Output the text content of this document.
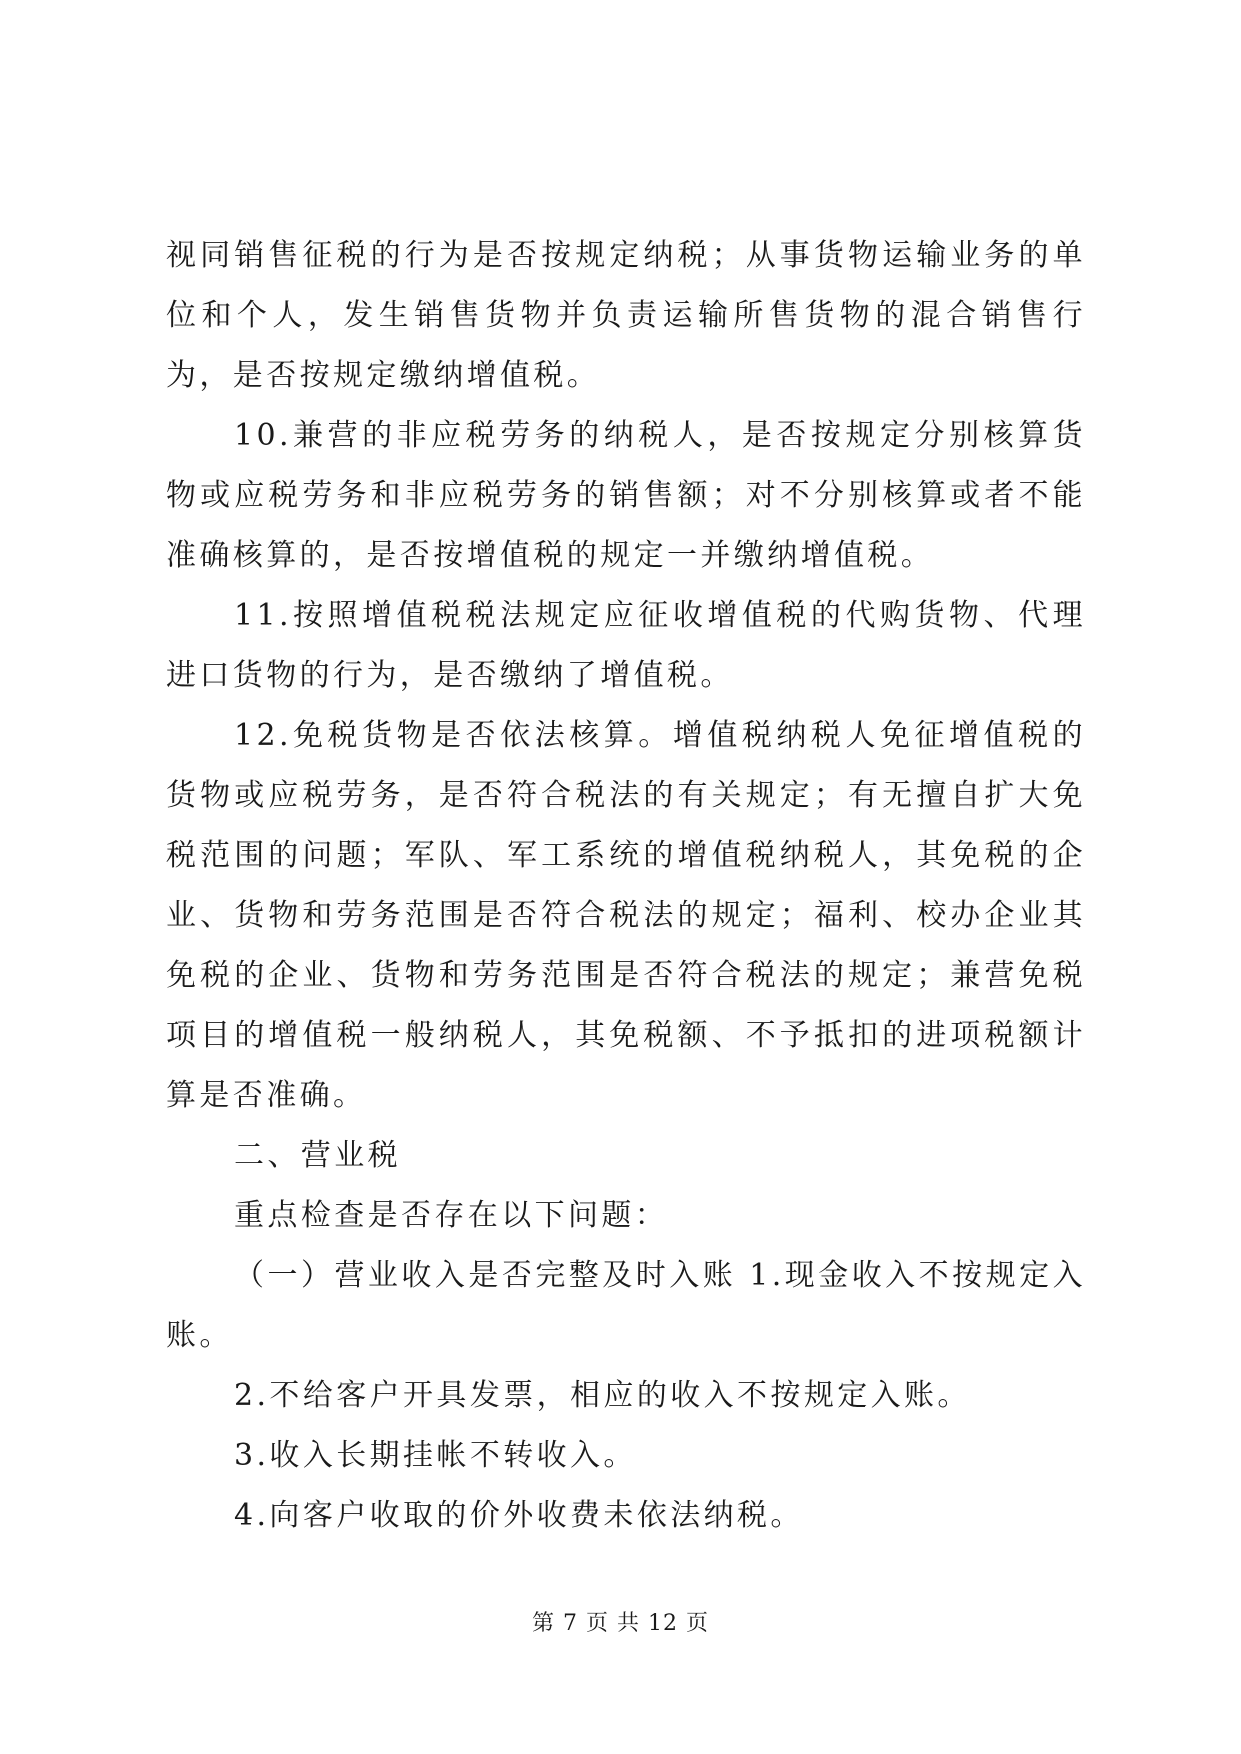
视同销售征税的行为是否按规定纳税；从事货物运输业务的单位和个人，发生销售货物并负责运输所售货物的混合销售行为，是否按规定缴纳增值税。

10.兼营的非应税劳务的纳税人，是否按规定分别核算货物或应税劳务和非应税劳务的销售额；对不分别核算或者不能准确核算的，是否按增值税的规定一并缴纳增值税。

11.按照增值税税法规定应征收增值税的代购货物、代理进口货物的行为，是否缴纳了增值税。

12.免税货物是否依法核算。增值税纳税人免征增值税的货物或应税劳务，是否符合税法的有关规定；有无擅自扩大免税范围的问题；军队、军工系统的增值税纳税人，其免税的企业、货物和劳务范围是否符合税法的规定；福利、校办企业其免税的企业、货物和劳务范围是否符合税法的规定；兼营免税项目的增值税一般纳税人，其免税额、不予抵扣的进项税额计算是否准确。

二、营业税

重点检查是否存在以下问题：

（一）营业收入是否完整及时入账 1.现金收入不按规定入账。

2.不给客户开具发票，相应的收入不按规定入账。

3.收入长期挂帐不转收入。

4.向客户收取的价外收费未依法纳税。

第 7 页 共 12 页
